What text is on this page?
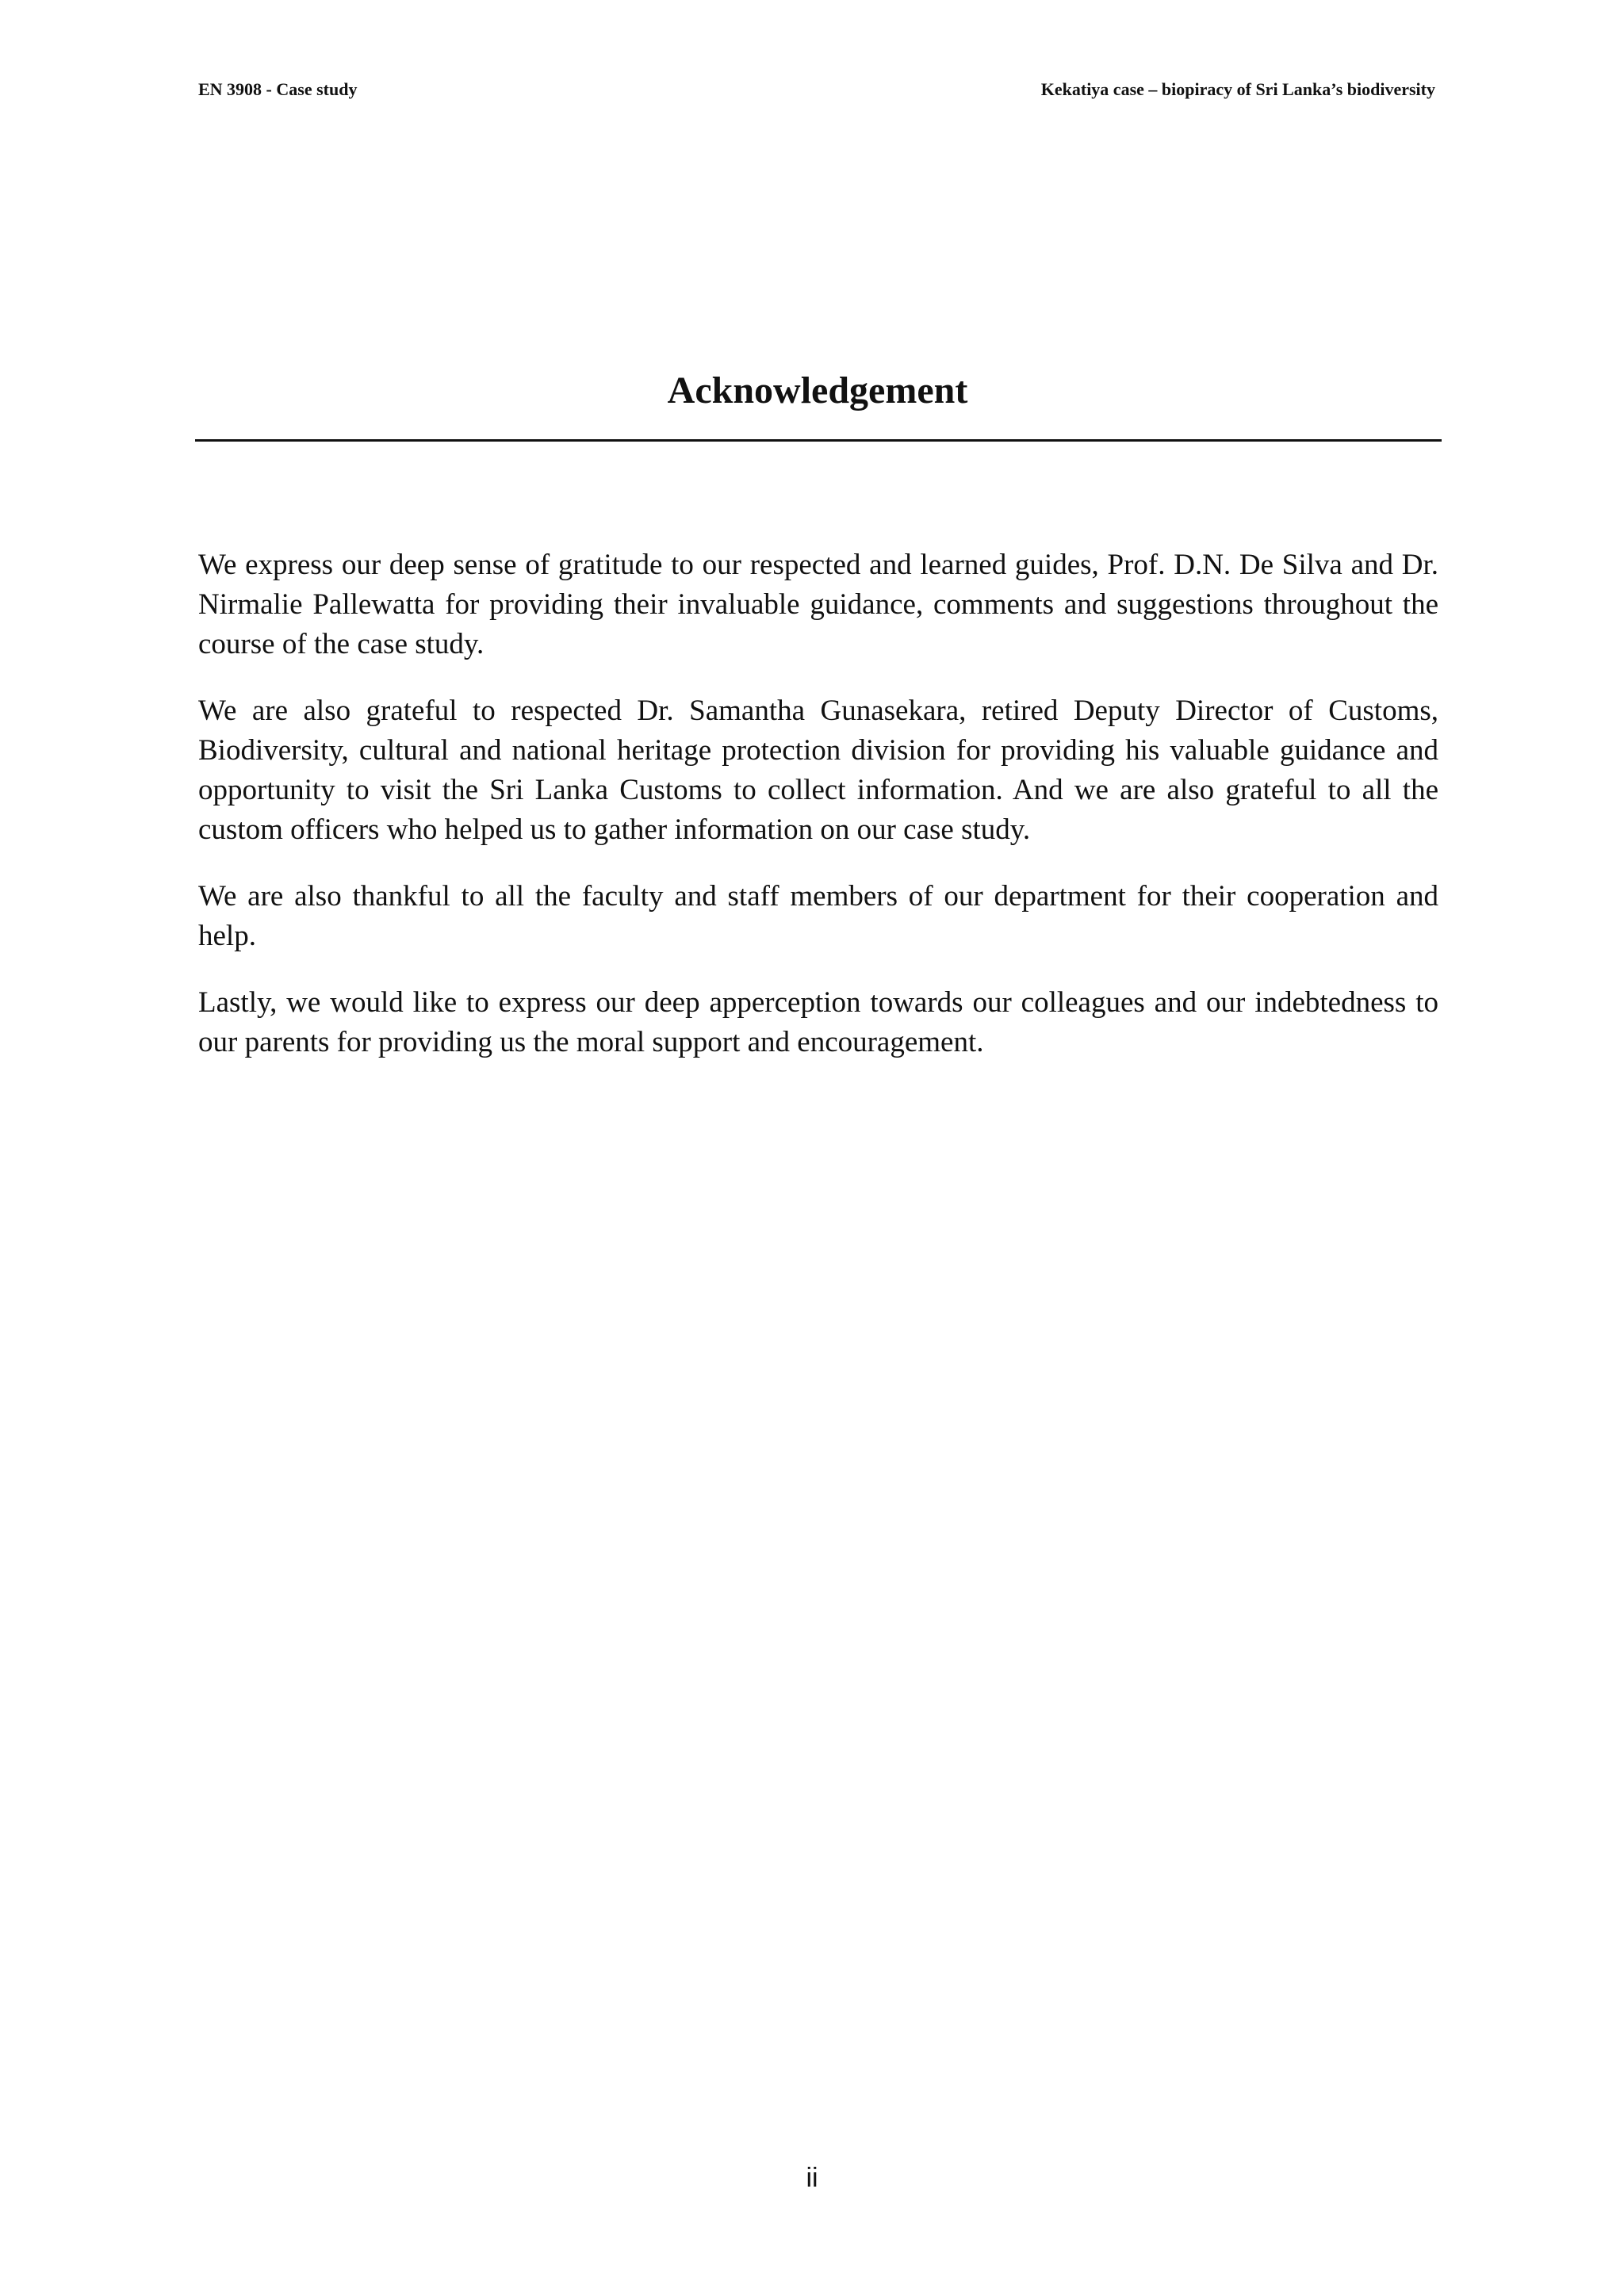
EN 3908 - Case study	Kekatiya case – biopiracy of Sri Lanka’s biodiversity
Acknowledgement

We express our deep sense of gratitude to our respected and learned guides, Prof. D.N. De Silva and Dr. Nirmalie Pallewatta for providing their invaluable guidance, comments and suggestions throughout the course of the case study.

We are also grateful to respected Dr. Samantha Gunasekara, retired Deputy Director of Customs, Biodiversity, cultural and national heritage protection division for providing his valuable guidance and opportunity to visit the Sri Lanka Customs to collect information. And we are also grateful to all the custom officers who helped us to gather information on our case study.

We are also thankful to all the faculty and staff members of our department for their cooperation and help.

Lastly, we would like to express our deep apperception towards our colleagues and our indebtedness to our parents for providing us the moral support and encouragement.

ii
